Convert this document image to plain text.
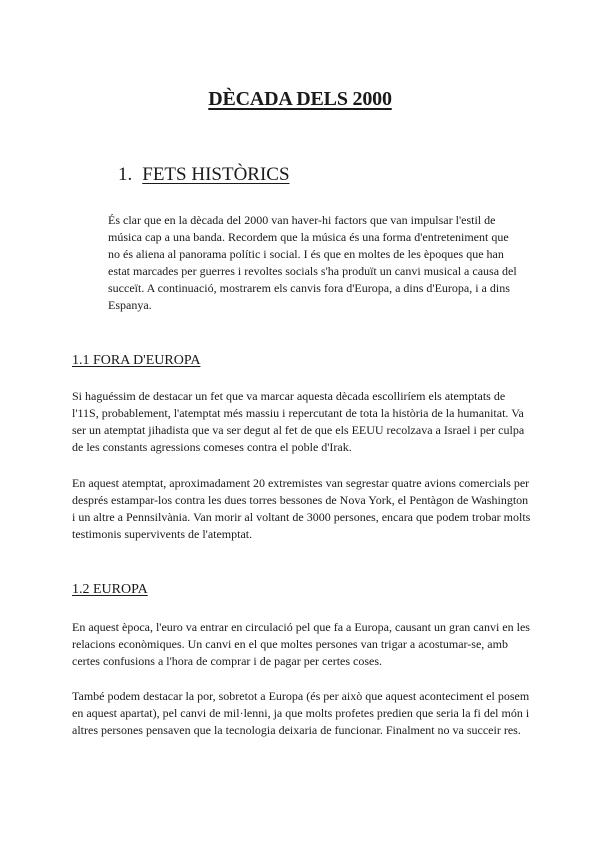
DÈCADA DELS 2000
1. FETS HISTÒRICS

És clar que en la dècada del 2000 van haver-hi factors que van impulsar l'estil de música cap a una banda. Recordem que la música és una forma d'entreteniment que no és aliena al panorama polític i social. I és que en moltes de les èpoques que han estat marcades per guerres i revoltes socials s'ha produït un canvi musical a causa del succeït. A continuació, mostrarem els canvis fora d'Europa, a dins d'Europa, i a dins Espanya.

1.1 FORA D'EUROPA

Si haguéssim de destacar un fet que va marcar aquesta dècada escolliríem els atemptats de l'11S, probablement, l'atemptat més massiu i repercutant de tota la història de la humanitat. Va ser un atemptat jihadista que va ser degut al fet de que els EEUU recolzava a Israel i per culpa de les constants agressions comeses contra el poble d'Irak.

En aquest atemptat, aproximadament 20 extremistes van segrestar quatre avions comercials per després estampar-los contra les dues torres bessones de Nova York, el Pentàgon de Washington i un altre a Pennsilvània. Van morir al voltant de 3000 persones, encara que podem trobar molts testimonis supervivents de l'atemptat.

1.2 EUROPA

En aquest època, l'euro va entrar en circulació pel que fa a Europa, causant un gran canvi en les relacions econòmiques. Un canvi en el que moltes persones van trigar a acostumar-se, amb certes confusions a l'hora de comprar i de pagar per certes coses.

També podem destacar la por, sobretot a Europa (és per això que aquest aconteciment el posem en aquest apartat), pel canvi de mil·lenni, ja que molts profetes predien que seria la fi del món i altres persones pensaven que la tecnologia deixaria de funcionar. Finalment no va succeir res.
